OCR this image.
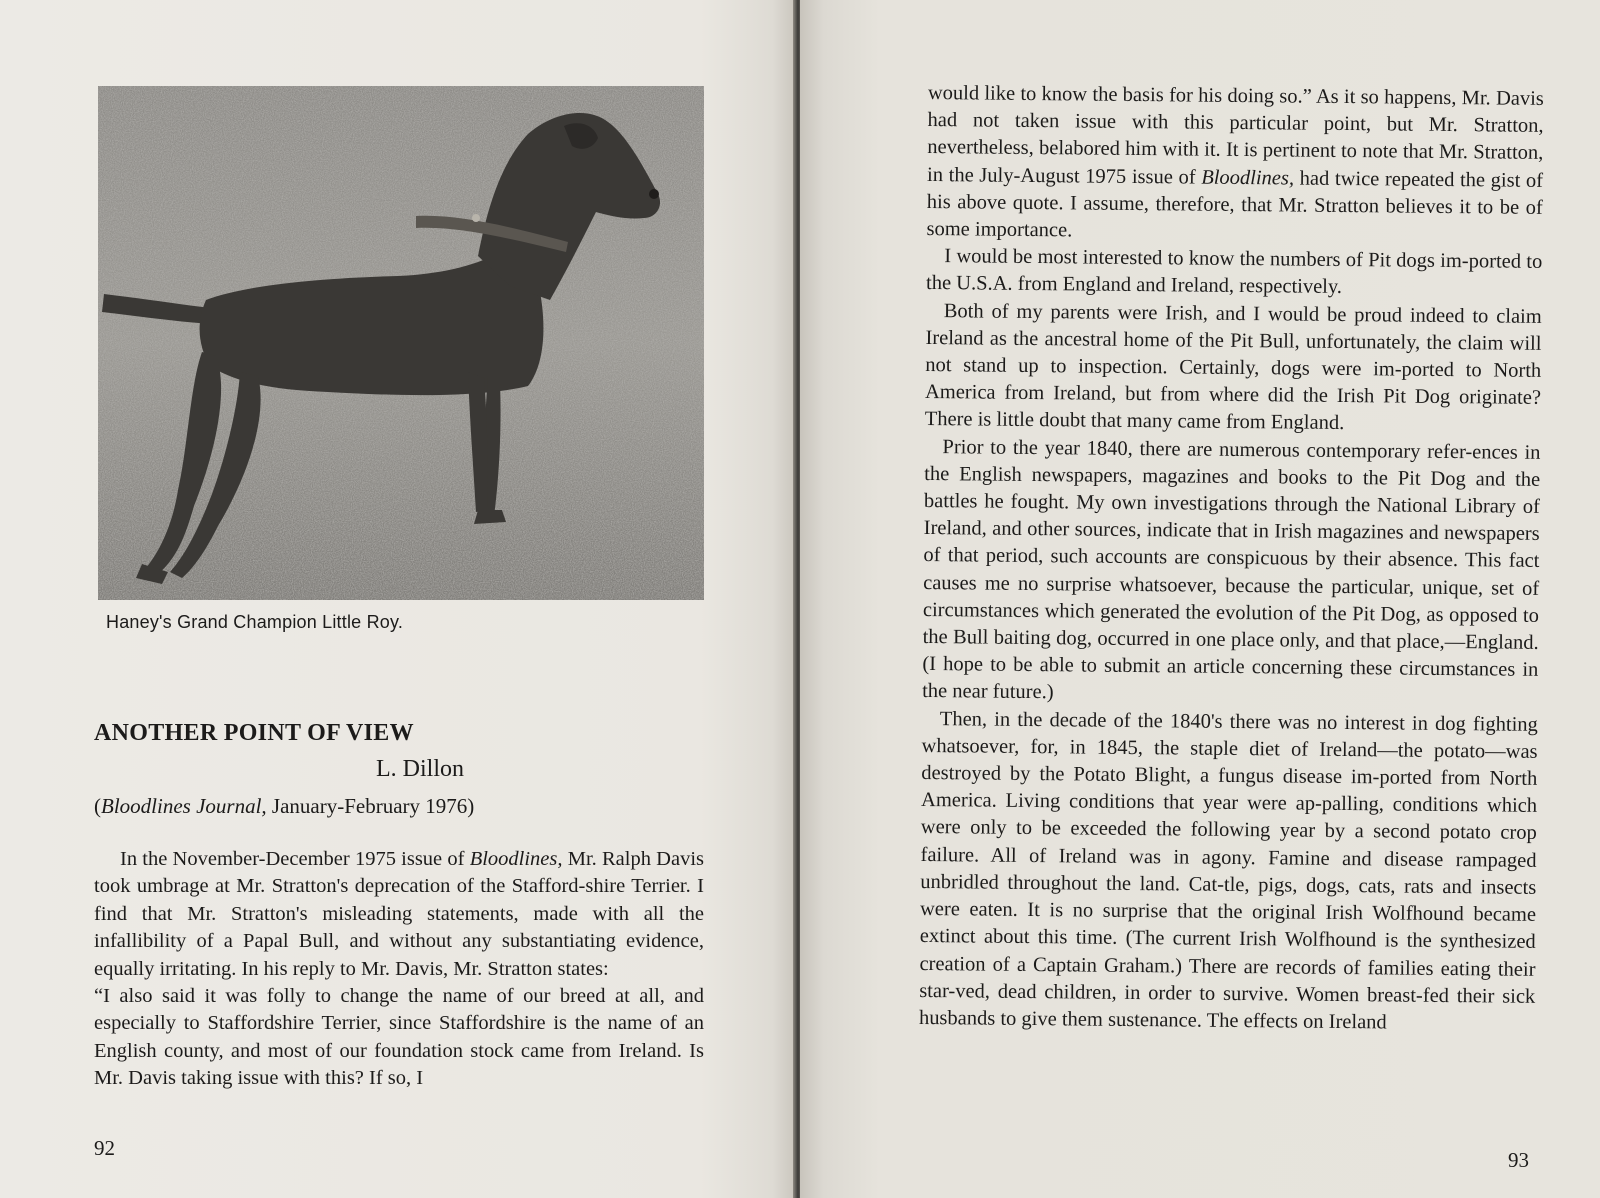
Haney's Grand Champion Little Roy.
ANOTHER POINT OF VIEW
L. Dillon
(Bloodlines Journal, January-February 1976)

In the November-December 1975 issue of Bloodlines, Mr. Ralph Davis took umbrage at Mr. Stratton's deprecation of the Stafford-shire Terrier. I find that Mr. Stratton's misleading statements, made with all the infallibility of a Papal Bull, and without any substantiating evidence, equally irritating. In his reply to Mr. Davis, Mr. Stratton states:

“I also said it was folly to change the name of our breed at all, and especially to Staffordshire Terrier, since Staffordshire is the name of an English county, and most of our foundation stock came from Ireland. Is Mr. Davis taking issue with this? If so, I

92

would like to know the basis for his doing so.” As it so happens, Mr. Davis had not taken issue with this particular point, but Mr. Stratton, nevertheless, belabored him with it. It is pertinent to note that Mr. Stratton, in the July-August 1975 issue of Bloodlines, had twice repeated the gist of his above quote. I assume, therefore, that Mr. Stratton believes it to be of some importance.

I would be most interested to know the numbers of Pit dogs im-ported to the U.S.A. from England and Ireland, respectively.

Both of my parents were Irish, and I would be proud indeed to claim Ireland as the ancestral home of the Pit Bull, unfortunately, the claim will not stand up to inspection. Certainly, dogs were im-ported to North America from Ireland, but from where did the Irish Pit Dog originate? There is little doubt that many came from England.

Prior to the year 1840, there are numerous contemporary refer-ences in the English newspapers, magazines and books to the Pit Dog and the battles he fought. My own investigations through the National Library of Ireland, and other sources, indicate that in Irish magazines and newspapers of that period, such accounts are conspicuous by their absence. This fact causes me no surprise whatsoever, because the particular, unique, set of circumstances which generated the evolution of the Pit Dog, as opposed to the Bull baiting dog, occurred in one place only, and that place,—England. (I hope to be able to submit an article concerning these circumstances in the near future.)

Then, in the decade of the 1840's there was no interest in dog fighting whatsoever, for, in 1845, the staple diet of Ireland—the potato—was destroyed by the Potato Blight, a fungus disease im-ported from North America. Living conditions that year were ap-palling, conditions which were only to be exceeded the following year by a second potato crop failure. All of Ireland was in agony. Famine and disease rampaged unbridled throughout the land. Cat-tle, pigs, dogs, cats, rats and insects were eaten. It is no surprise that the original Irish Wolfhound became extinct about this time. (The current Irish Wolfhound is the synthesized creation of a Captain Graham.) There are records of families eating their star-ved, dead children, in order to survive. Women breast-fed their sick husbands to give them sustenance. The effects on Ireland

93
